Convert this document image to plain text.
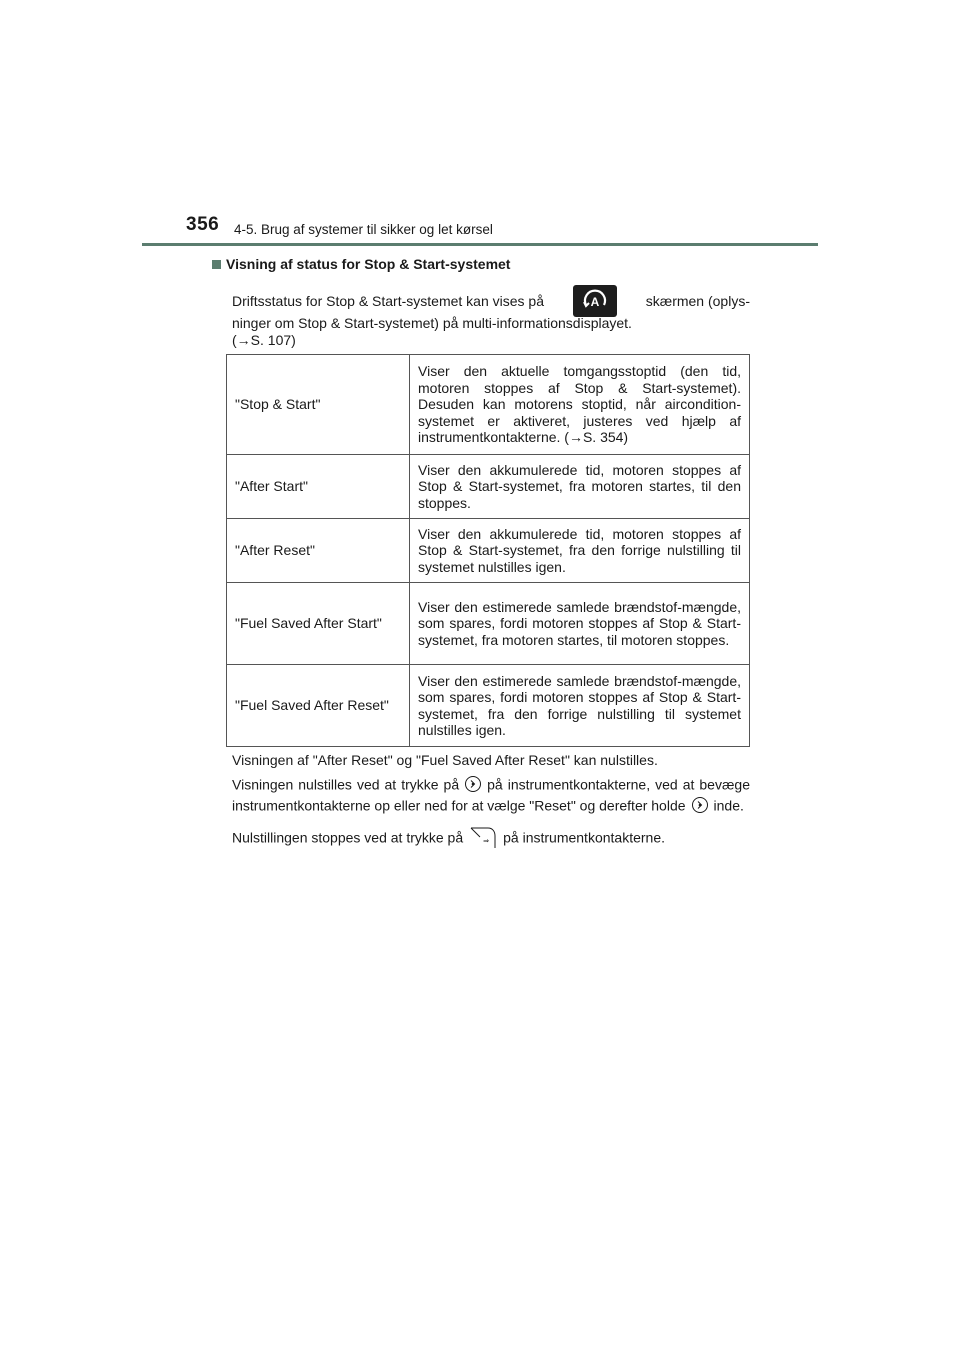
356 4-5. Brug af systemer til sikker og let kørsel
Visning af status for Stop & Start-systemet
Driftsstatus for Stop & Start-systemet kan vises på	A	skærmen (oplys-
ninger om Stop & Start-systemet) på multi-informationsdisplayet.
(→S. 107)
"Stop & Start"	Viser den aktuelle tomgangsstoptid (den tid, motoren stoppes af Stop & Start-systemet). Desuden kan motorens stoptid, når aircondition-systemet er aktiveret, justeres ved hjælp af instrumentkontakterne. (→S. 354)
"After Start"	Viser den akkumulerede tid, motoren stoppes af Stop & Start-systemet, fra motoren startes, til den stoppes.
"After Reset"	Viser den akkumulerede tid, motoren stoppes af Stop & Start-systemet, fra den forrige nulstilling til systemet nulstilles igen.
"Fuel Saved After Start"	Viser den estimerede samlede brændstof-mængde, som spares, fordi motoren stoppes af Stop & Start-systemet, fra motoren startes, til motoren stoppes.
"Fuel Saved After Reset"	Viser den estimerede samlede brændstof-mængde, som spares, fordi motoren stoppes af Stop & Start-systemet, fra den forrige nulstilling til systemet nulstilles igen.

Visningen af "After Reset" og "Fuel Saved After Reset" kan nulstilles.

Visningen nulstilles ved at trykke på på instrumentkontakterne, ved at bevæge instrumentkontakterne op eller ned for at vælge "Reset" og derefter holde inde.

Nulstillingen stoppes ved at trykke på	⇒ på instrumentkontakterne.
